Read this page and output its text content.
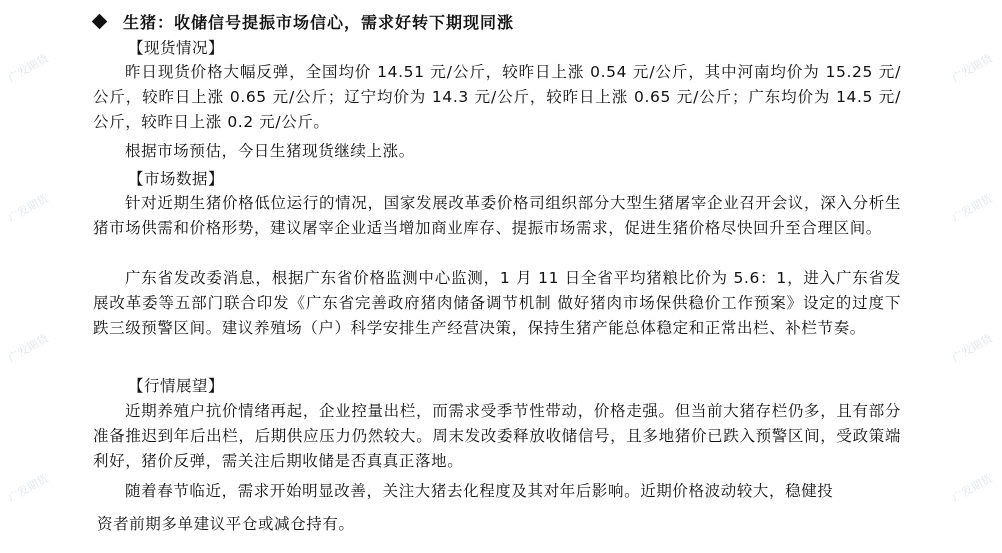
广发期货
广发期货
广发期货
广发期货
广发期货
广发期货
广发期货
广发期货
生猪：收储信号提振市场信心，需求好转下期现同涨
【现货情况】

昨日现货价格大幅反弹，全国均价 14.51 元/公斤，较昨日上涨 0.54 元/公斤，其中河南均价为 15.25 元/公斤，较昨日上涨 0.65 元/公斤；辽宁均价为 14.3 元/公斤，较昨日上涨 0.65 元/公斤；广东均价为 14.5 元/公斤，较昨日上涨 0.2 元/公斤。

根据市场预估，今日生猪现货继续上涨。

【市场数据】

针对近期生猪价格低位运行的情况，国家发展改革委价格司组织部分大型生猪屠宰企业召开会议，深入分析生猪市场供需和价格形势，建议屠宰企业适当增加商业库存、提振市场需求，促进生猪价格尽快回升至合理区间。

广东省发改委消息，根据广东省价格监测中心监测，1 月 11 日全省平均猪粮比价为 5.6：1，进入广东省发展改革委等五部门联合印发《广东省完善政府猪肉储备调节机制 做好猪肉市场保供稳价工作预案》设定的过度下跌三级预警区间。建议养殖场（户）科学安排生产经营决策，保持生猪产能总体稳定和正常出栏、补栏节奏。

【行情展望】

近期养殖户抗价情绪再起，企业控量出栏，而需求受季节性带动，价格走强。但当前大猪存栏仍多，且有部分准备推迟到年后出栏，后期供应压力仍然较大。周末发改委释放收储信号，且多地猪价已跌入预警区间，受政策端利好，猪价反弹，需关注后期收储是否真真正落地。

随着春节临近，需求开始明显改善，关注大猪去化程度及其对年后影响。近期价格波动较大，稳健投

资者前期多单建议平仓或减仓持有。
